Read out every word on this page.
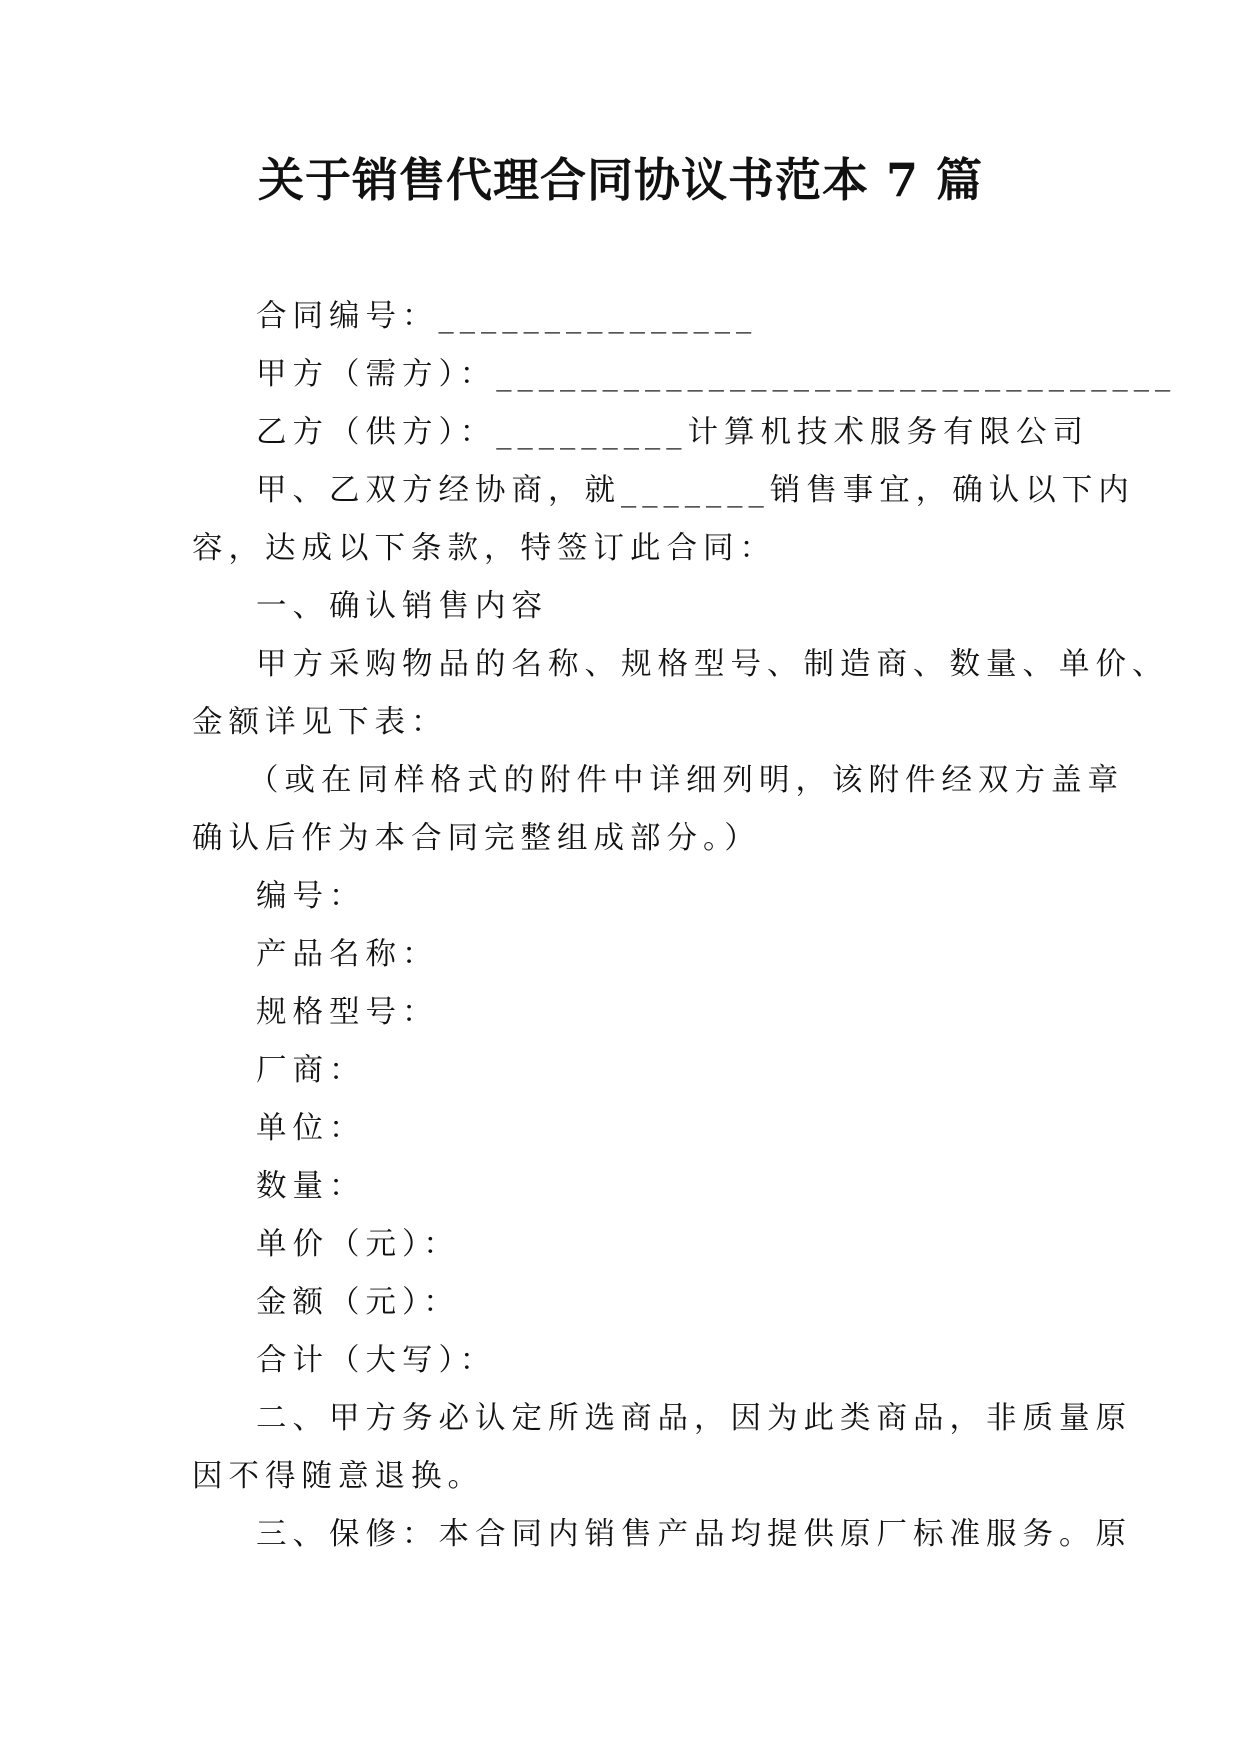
关于销售代理合同协议书范本 7 篇
合同编号：_______________
甲方（需方）：________________________________
乙方（供方）：_________计算机技术服务有限公司
甲、乙双方经协商，就_______销售事宜，确认以下内
容，达成以下条款，特签订此合同：
一、确认销售内容
甲方采购物品的名称、规格型号、制造商、数量、单价、
金额详见下表：
（或在同样格式的附件中详细列明，该附件经双方盖章
确认后作为本合同完整组成部分。）
编号：
产品名称：
规格型号：
厂商：
单位：
数量：
单价（元）：
金额（元）：
合计（大写）：
二、甲方务必认定所选商品，因为此类商品，非质量原
因不得随意退换。
三、保修：本合同内销售产品均提供原厂标准服务。原
